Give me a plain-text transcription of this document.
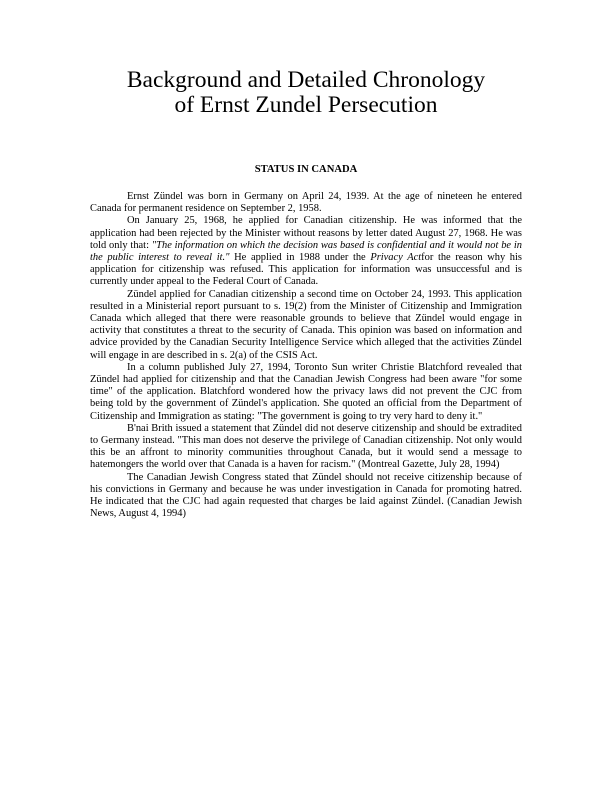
Background and Detailed Chronology
of Ernst Zundel Persecution
STATUS IN CANADA

Ernst Zündel was born in Germany on April 24, 1939. At the age of nineteen he entered Canada for permanent residence on September 2, 1958.

On January 25, 1968, he applied for Canadian citizenship. He was informed that the application had been rejected by the Minister without reasons by letter dated August 27, 1968. He was told only that: "The information on which the decision was based is confidential and it would not be in the public interest to reveal it." He applied in 1988 under the Privacy Actfor the reason why his application for citizenship was refused. This application for information was unsuccessful and is currently under appeal to the Federal Court of Canada.

Zündel applied for Canadian citizenship a second time on October 24, 1993. This application resulted in a Ministerial report pursuant to s. 19(2) from the Minister of Citizenship and Immigration Canada which alleged that there were reasonable grounds to believe that Zündel would engage in activity that constitutes a threat to the security of Canada. This opinion was based on information and advice provided by the Canadian Security Intelligence Service which alleged that the activities Zündel will engage in are described in s. 2(a) of the CSIS Act.

In a column published July 27, 1994, Toronto Sun writer Christie Blatchford revealed that Zündel had applied for citizenship and that the Canadian Jewish Congress had been aware "for some time" of the application. Blatchford wondered how the privacy laws did not prevent the CJC from being told by the government of Zündel's application. She quoted an official from the Department of Citizenship and Immigration as stating: "The government is going to try very hard to deny it."

B'nai Brith issued a statement that Zündel did not deserve citizenship and should be extradited to Germany instead. "This man does not deserve the privilege of Canadian citizenship. Not only would this be an affront to minority communities throughout Canada, but it would send a message to hatemongers the world over that Canada is a haven for racism." (Montreal Gazette, July 28, 1994)

The Canadian Jewish Congress stated that Zündel should not receive citizenship because of his convictions in Germany and because he was under investigation in Canada for promoting hatred. He indicated that the CJC had again requested that charges be laid against Zündel. (Canadian Jewish News, August 4, 1994)
